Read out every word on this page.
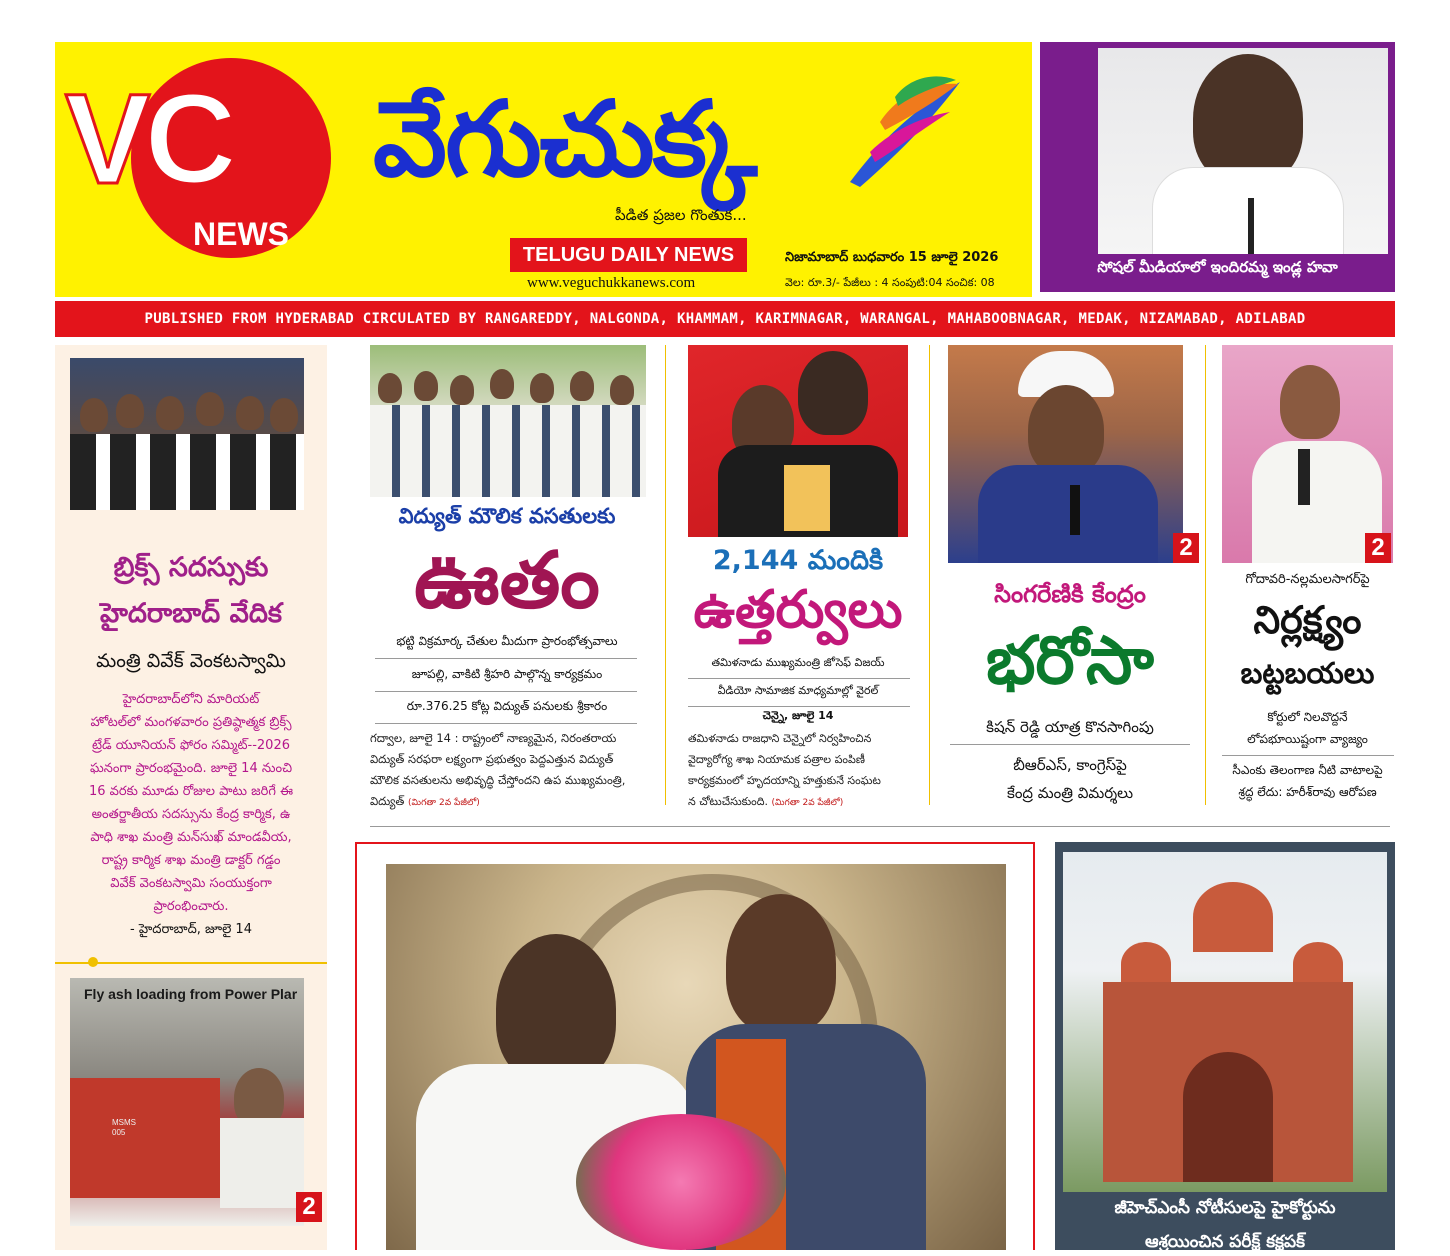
VC
NEWS
వేగుచుక్క
పీడిత ప్రజల గొంతుక...
TELUGU DAILY NEWS
www.veguchukkanews.com
నిజామాబాద్ బుధవారం 15 జూలై 2026
వెల: రూ.3/- పేజీలు : 4 సంపుటి:04 సంచిక: 08
సోషల్ మీడియాలో ఇందిరమ్మ ఇండ్ల హవా
PUBLISHED FROM HYDERABAD CIRCULATED BY RANGAREDDY, NALGONDA, KHAMMAM, KARIMNAGAR, WARANGAL, MAHABOOBNAGAR, MEDAK, NIZAMABAD, ADILABAD
బ్రిక్స్ సదస్సుకు
హైదరాబాద్ వేదిక
మంత్రి వివేక్ వెంకటస్వామి
హైదరాబాద్‌లోని మారియట్
హోటల్‌లో మంగళవారం ప్రతిష్ఠాత్మక బ్రిక్స్
ట్రేడ్ యూనియన్ ఫోరం సమ్మిట్--2026
ఘనంగా ప్రారంభమైంది. జూలై 14 నుంచి
16 వరకు మూడు రోజుల పాటు జరిగే ఈ
అంతర్జాతీయ సదస్సును కేంద్ర కార్మిక, ఉ
పాధి శాఖ మంత్రి మన్‌సుఖ్ మాండవీయ,
రాష్ట్ర కార్మిక శాఖ మంత్రి డాక్టర్ గడ్డం
వివేక్ వెంకటస్వామి సంయుక్తంగా
ప్రారంభించారు.
- హైదరాబాద్, జూలై 14
Fly ash loading from Power Plar
MSMS 005
2
విద్యుత్ మౌలిక వసతులకు
ఊతం
భట్టి విక్రమార్క చేతుల మీదుగా ప్రారంభోత్సవాలు
జూపల్లి, వాకిటి శ్రీహరి పాల్గొన్న కార్యక్రమం
రూ.376.25 కోట్ల విద్యుత్ పనులకు శ్రీకారం
గద్వాల, జూలై 14 : రాష్ట్రంలో నాణ్యమైన, నిరంతరాయ
విద్యుత్ సరఫరా లక్ష్యంగా ప్రభుత్వం పెద్దఎత్తున విద్యుత్
మౌలిక వసతులను అభివృద్ధి చేస్తోందని ఉప ముఖ్యమంత్రి,
విద్యుత్ (మిగతా 2వ పేజీలో)
2,144 మందికి
ఉత్తర్వులు
తమిళనాడు ముఖ్యమంత్రి జోసెఫ్ విజయ్
వీడియో సామాజిక మాధ్యమాల్లో వైరల్
చెన్నై, జూలై 14
తమిళనాడు రాజధాని చెన్నైలో నిర్వహించిన
వైద్యారోగ్య శాఖ నియామక పత్రాల పంపిణీ
కార్యక్రమంలో హృదయాన్ని హత్తుకునే సంఘట
న చోటుచేసుకుంది. (మిగతా 2వ పేజీలో)
2
సింగరేణికి కేంద్రం
భరోసా
కిషన్ రెడ్డి యాత్ర కొనసాగింపు
బీఆర్ఎస్, కాంగ్రెస్‌పై
కేంద్ర మంత్రి విమర్శలు
2
గోదావరి-నల్లమలసాగర్‌పై
నిర్లక్ష్యం
బట్టబయలు
కోర్టులో నిలవొద్దనే
లోపభూయిష్టంగా వ్యాజ్యం
సీఎంకు తెలంగాణ నీటి వాటాలపై
శ్రద్ధ లేదు: హరీశ్‌రావు ఆరోపణ
జీహెచ్ఎంసీ నోటీసులపై హైకోర్టును
ఆశ్రయించిన పరీక్ష్ కక్షపక్
